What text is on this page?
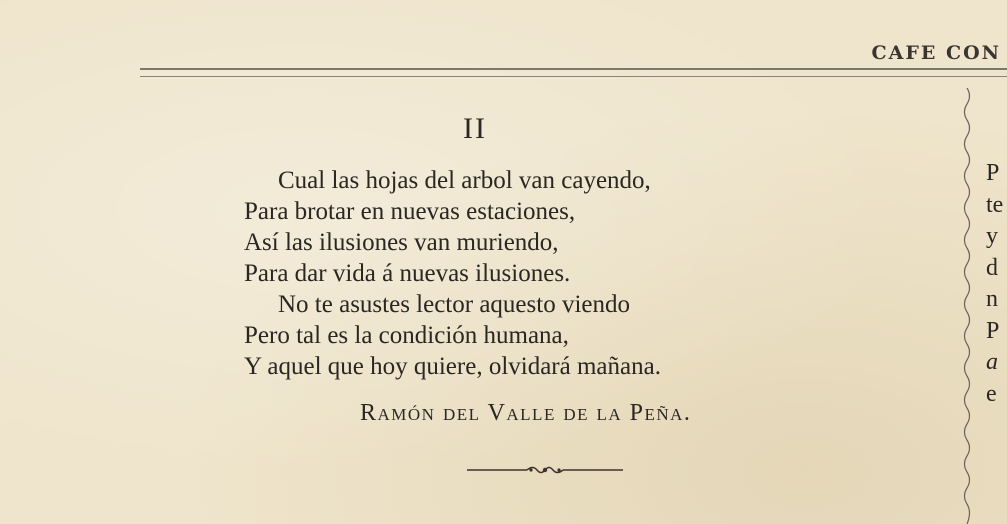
CAFE CON
II
Cual las hojas del arbol van cayendo,
Para brotar en nuevas estaciones,
Así las ilusiones van muriendo,
Para dar vida á nuevas ilusiones.
No te asustes lector aquesto viendo
Pero tal es la condición humana,
Y aquel que hoy quiere, olvidará mañana.
Ramón del Valle de la Peña.
P
te
y
d
n
P
a
e
